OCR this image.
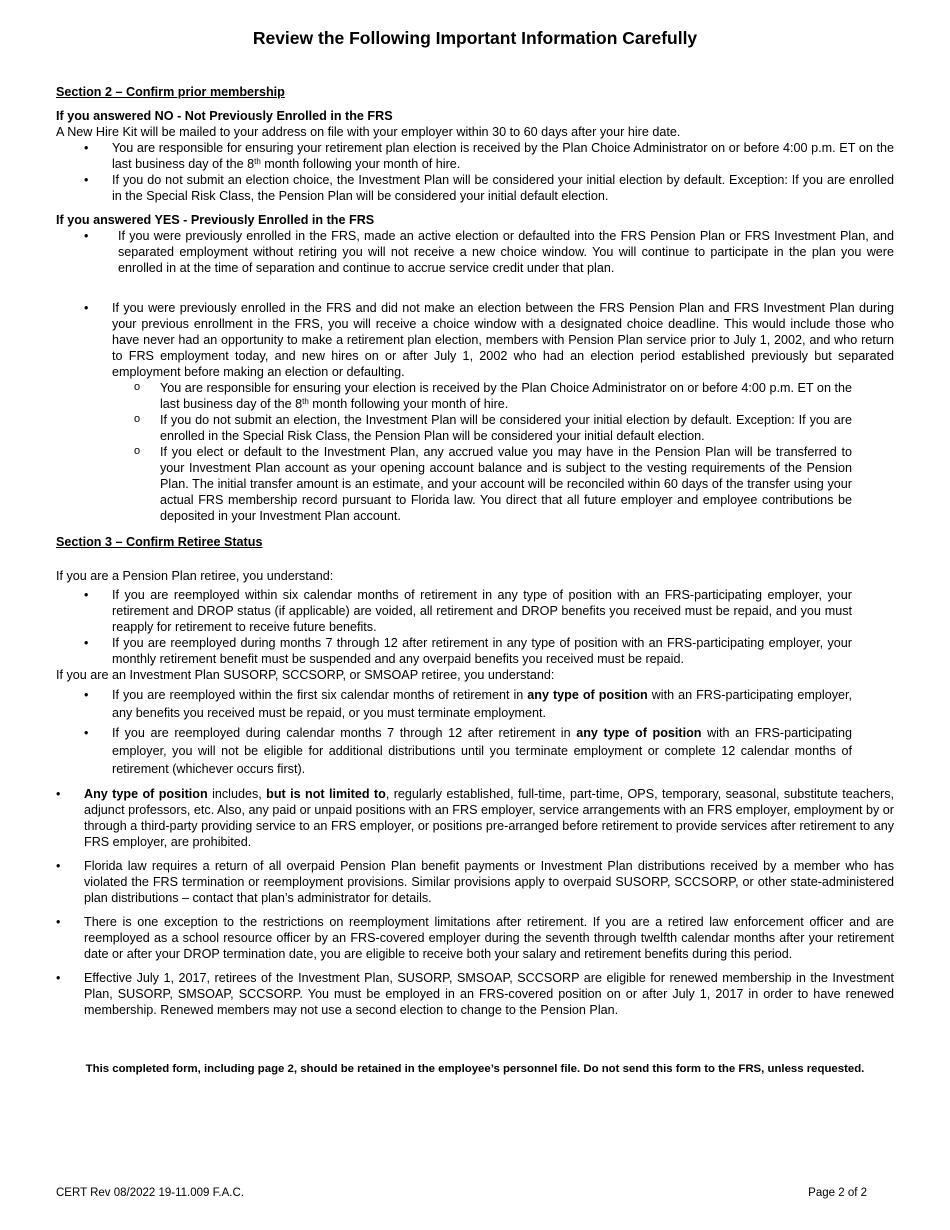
Review the Following Important Information Carefully

Section 2 – Confirm prior membership

If you answered NO - Not Previously Enrolled in the FRS

A New Hire Kit will be mailed to your address on file with your employer within 30 to 60 days after your hire date.

• You are responsible for ensuring your retirement plan election is received by the Plan Choice Administrator on or before 4:00 p.m. ET on the last business day of the 8th month following your month of hire.
• If you do not submit an election choice, the Investment Plan will be considered your initial election by default. Exception: If you are enrolled in the Special Risk Class, the Pension Plan will be considered your initial default election.

If you answered YES - Previously Enrolled in the FRS

• If you were previously enrolled in the FRS, made an active election or defaulted into the FRS Pension Plan or FRS Investment Plan, and separated employment without retiring you will not receive a new choice window. You will continue to participate in the plan you were enrolled in at the time of separation and continue to accrue service credit under that plan.
• If you were previously enrolled in the FRS and did not make an election between the FRS Pension Plan and FRS Investment Plan during your previous enrollment in the FRS, you will receive a choice window with a designated choice deadline. This would include those who have never had an opportunity to make a retirement plan election, members with Pension Plan service prior to July 1, 2002, and who return to FRS employment today, and new hires on or after July 1, 2002 who had an election period established previously but separated employment before making an election or defaulting.
o You are responsible for ensuring your election is received by the Plan Choice Administrator on or before 4:00 p.m. ET on the last business day of the 8th month following your month of hire.
o If you do not submit an election, the Investment Plan will be considered your initial election by default. Exception: If you are enrolled in the Special Risk Class, the Pension Plan will be considered your initial default election.
o If you elect or default to the Investment Plan, any accrued value you may have in the Pension Plan will be transferred to your Investment Plan account as your opening account balance and is subject to the vesting requirements of the Pension Plan. The initial transfer amount is an estimate, and your account will be reconciled within 60 days of the transfer using your actual FRS membership record pursuant to Florida law. You direct that all future employer and employee contributions be deposited in your Investment Plan account.

Section 3 – Confirm Retiree Status

If you are a Pension Plan retiree, you understand:

• If you are reemployed within six calendar months of retirement in any type of position with an FRS-participating employer, your retirement and DROP status (if applicable) are voided, all retirement and DROP benefits you received must be repaid, and you must reapply for retirement to receive future benefits.
• If you are reemployed during months 7 through 12 after retirement in any type of position with an FRS-participating employer, your monthly retirement benefit must be suspended and any overpaid benefits you received must be repaid.

If you are an Investment Plan SUSORP, SCCSORP, or SMSOAP retiree, you understand:

• If you are reemployed within the first six calendar months of retirement in any type of position with an FRS-participating employer, any benefits you received must be repaid, or you must terminate employment.
• If you are reemployed during calendar months 7 through 12 after retirement in any type of position with an FRS-participating employer, you will not be eligible for additional distributions until you terminate employment or complete 12 calendar months of retirement (whichever occurs first).
• Any type of position includes, but is not limited to, regularly established, full-time, part-time, OPS, temporary, seasonal, substitute teachers, adjunct professors, etc. Also, any paid or unpaid positions with an FRS employer, service arrangements with an FRS employer, employment by or through a third-party providing service to an FRS employer, or positions pre-arranged before retirement to provide services after retirement to any FRS employer, are prohibited.
• Florida law requires a return of all overpaid Pension Plan benefit payments or Investment Plan distributions received by a member who has violated the FRS termination or reemployment provisions. Similar provisions apply to overpaid SUSORP, SCCSORP, or other state-administered plan distributions – contact that plan’s administrator for details.
• There is one exception to the restrictions on reemployment limitations after retirement. If you are a retired law enforcement officer and are reemployed as a school resource officer by an FRS-covered employer during the seventh through twelfth calendar months after your retirement date or after your DROP termination date, you are eligible to receive both your salary and retirement benefits during this period.
• Effective July 1, 2017, retirees of the Investment Plan, SUSORP, SMSOAP, SCCSORP are eligible for renewed membership in the Investment Plan, SUSORP, SMSOAP, SCCSORP. You must be employed in an FRS-covered position on or after July 1, 2017 in order to have renewed membership. Renewed members may not use a second election to change to the Pension Plan.
This completed form, including page 2, should be retained in the employee’s personnel file. Do not send this form to the FRS, unless requested.
CERT Rev 08/2022 19-11.009 F.A.C.	Page 2 of 2
